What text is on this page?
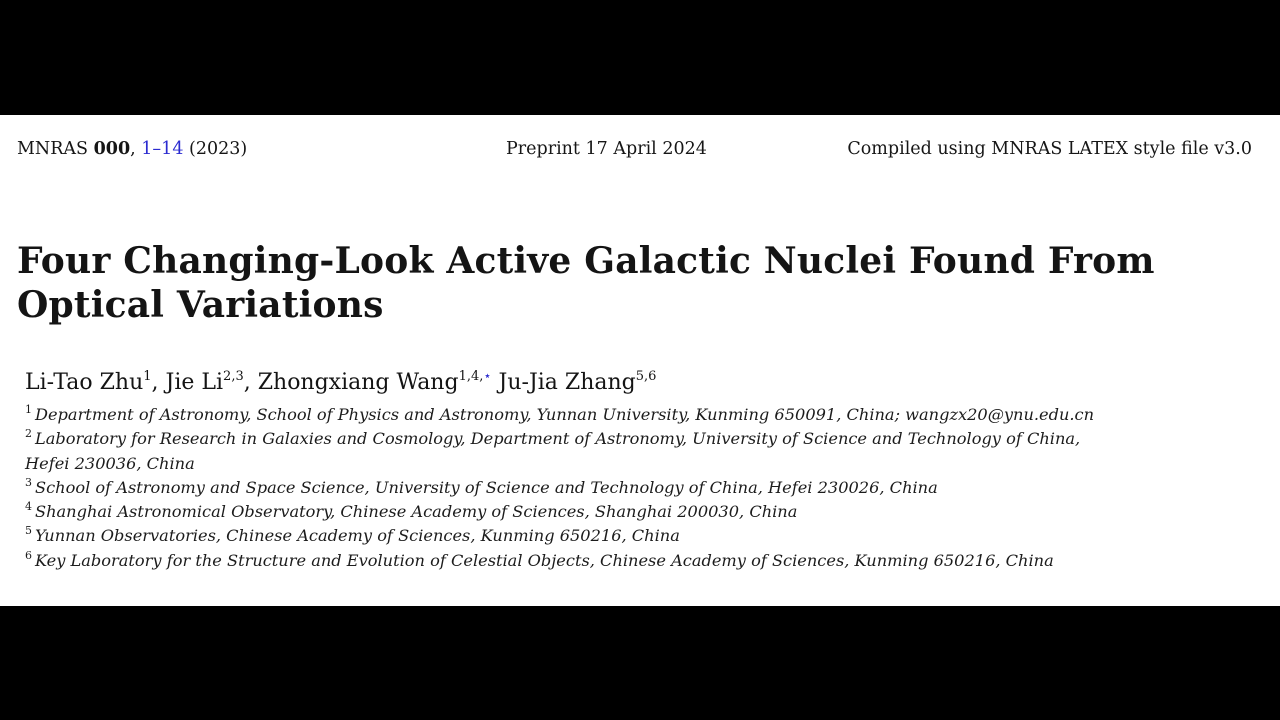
MNRAS 000, 1–14 (2023)	Preprint 17 April 2024	Compiled using MNRAS LATEX style file v3.0
Four Changing-Look Active Galactic Nuclei Found From
Optical Variations
Li-Tao Zhu$^1$, Jie Li$^{2,3}$, Zhongxiang Wang$^{1,4,⋆}$ Ju-Jia Zhang$^{5,6}$
1 Department of Astronomy, School of Physics and Astronomy, Yunnan University, Kunming 650091, China; wangzx20@ynu.edu.cn
2 Laboratory for Research in Galaxies and Cosmology, Department of Astronomy, University of Science and Technology of China,
Hefei 230036, China
3 School of Astronomy and Space Science, University of Science and Technology of China, Hefei 230026, China
4 Shanghai Astronomical Observatory, Chinese Academy of Sciences, Shanghai 200030, China
5 Yunnan Observatories, Chinese Academy of Sciences, Kunming 650216, China
6 Key Laboratory for the Structure and Evolution of Celestial Objects, Chinese Academy of Sciences, Kunming 650216, China
